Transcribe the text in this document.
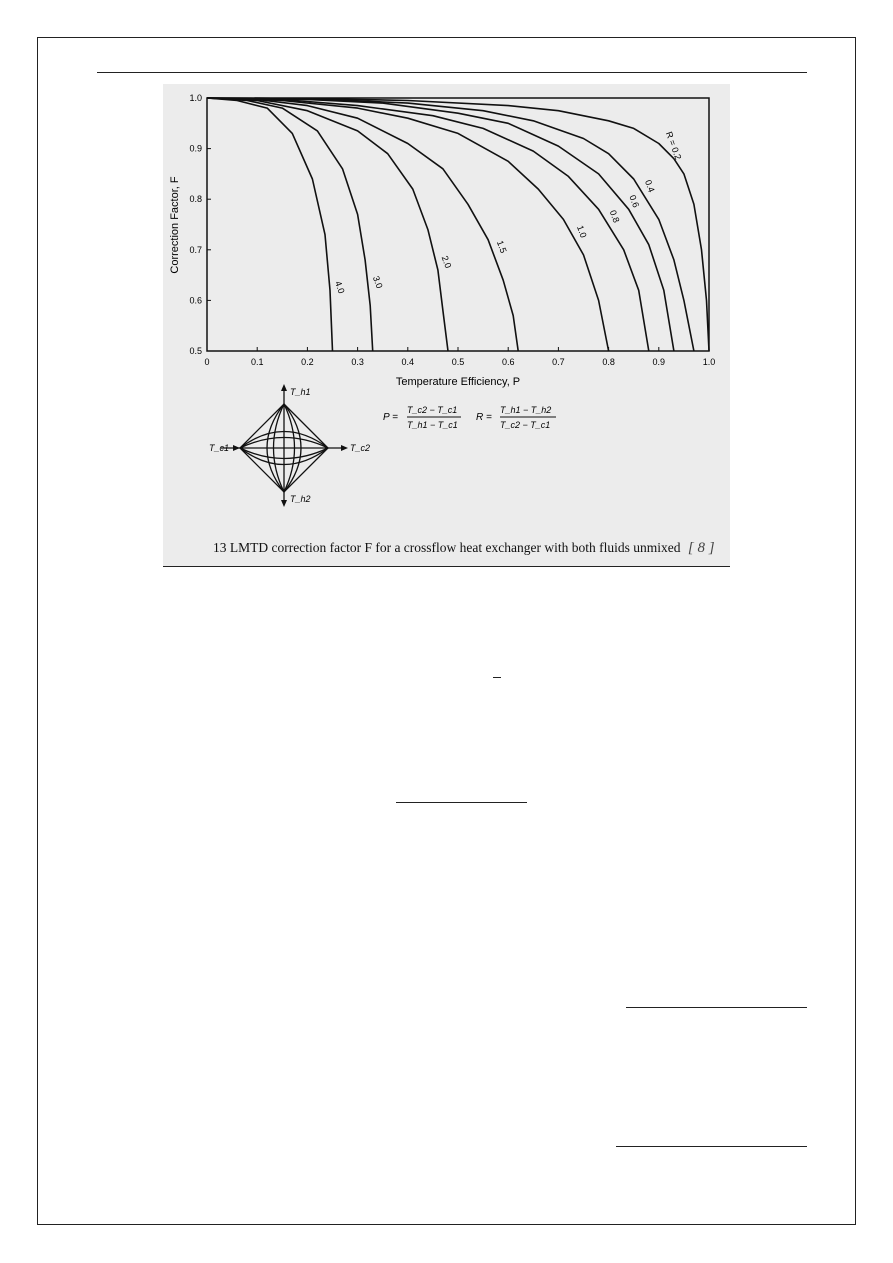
0	0.1	0.2	0.3	0.4	0.5	0.6	0.7	0.8	0.9	1.0
0.5
0.6
0.7
0.8
0.9
1.0
R = 0.2
0.4
0.6
0.8
1.0
1.5
2.0
3.0
4.0
Temperature Efficiency, P
Correction Factor, F
T_h1
T_h2
T_c1	T_c2
P =
T_c2 − T_c1
T_h1 − T_c1
R =
T_h1 − T_h2
T_c2 − T_c1
13 LMTD correction factor F for a crossflow heat exchanger with both fluids unmixed [ 8 ]
